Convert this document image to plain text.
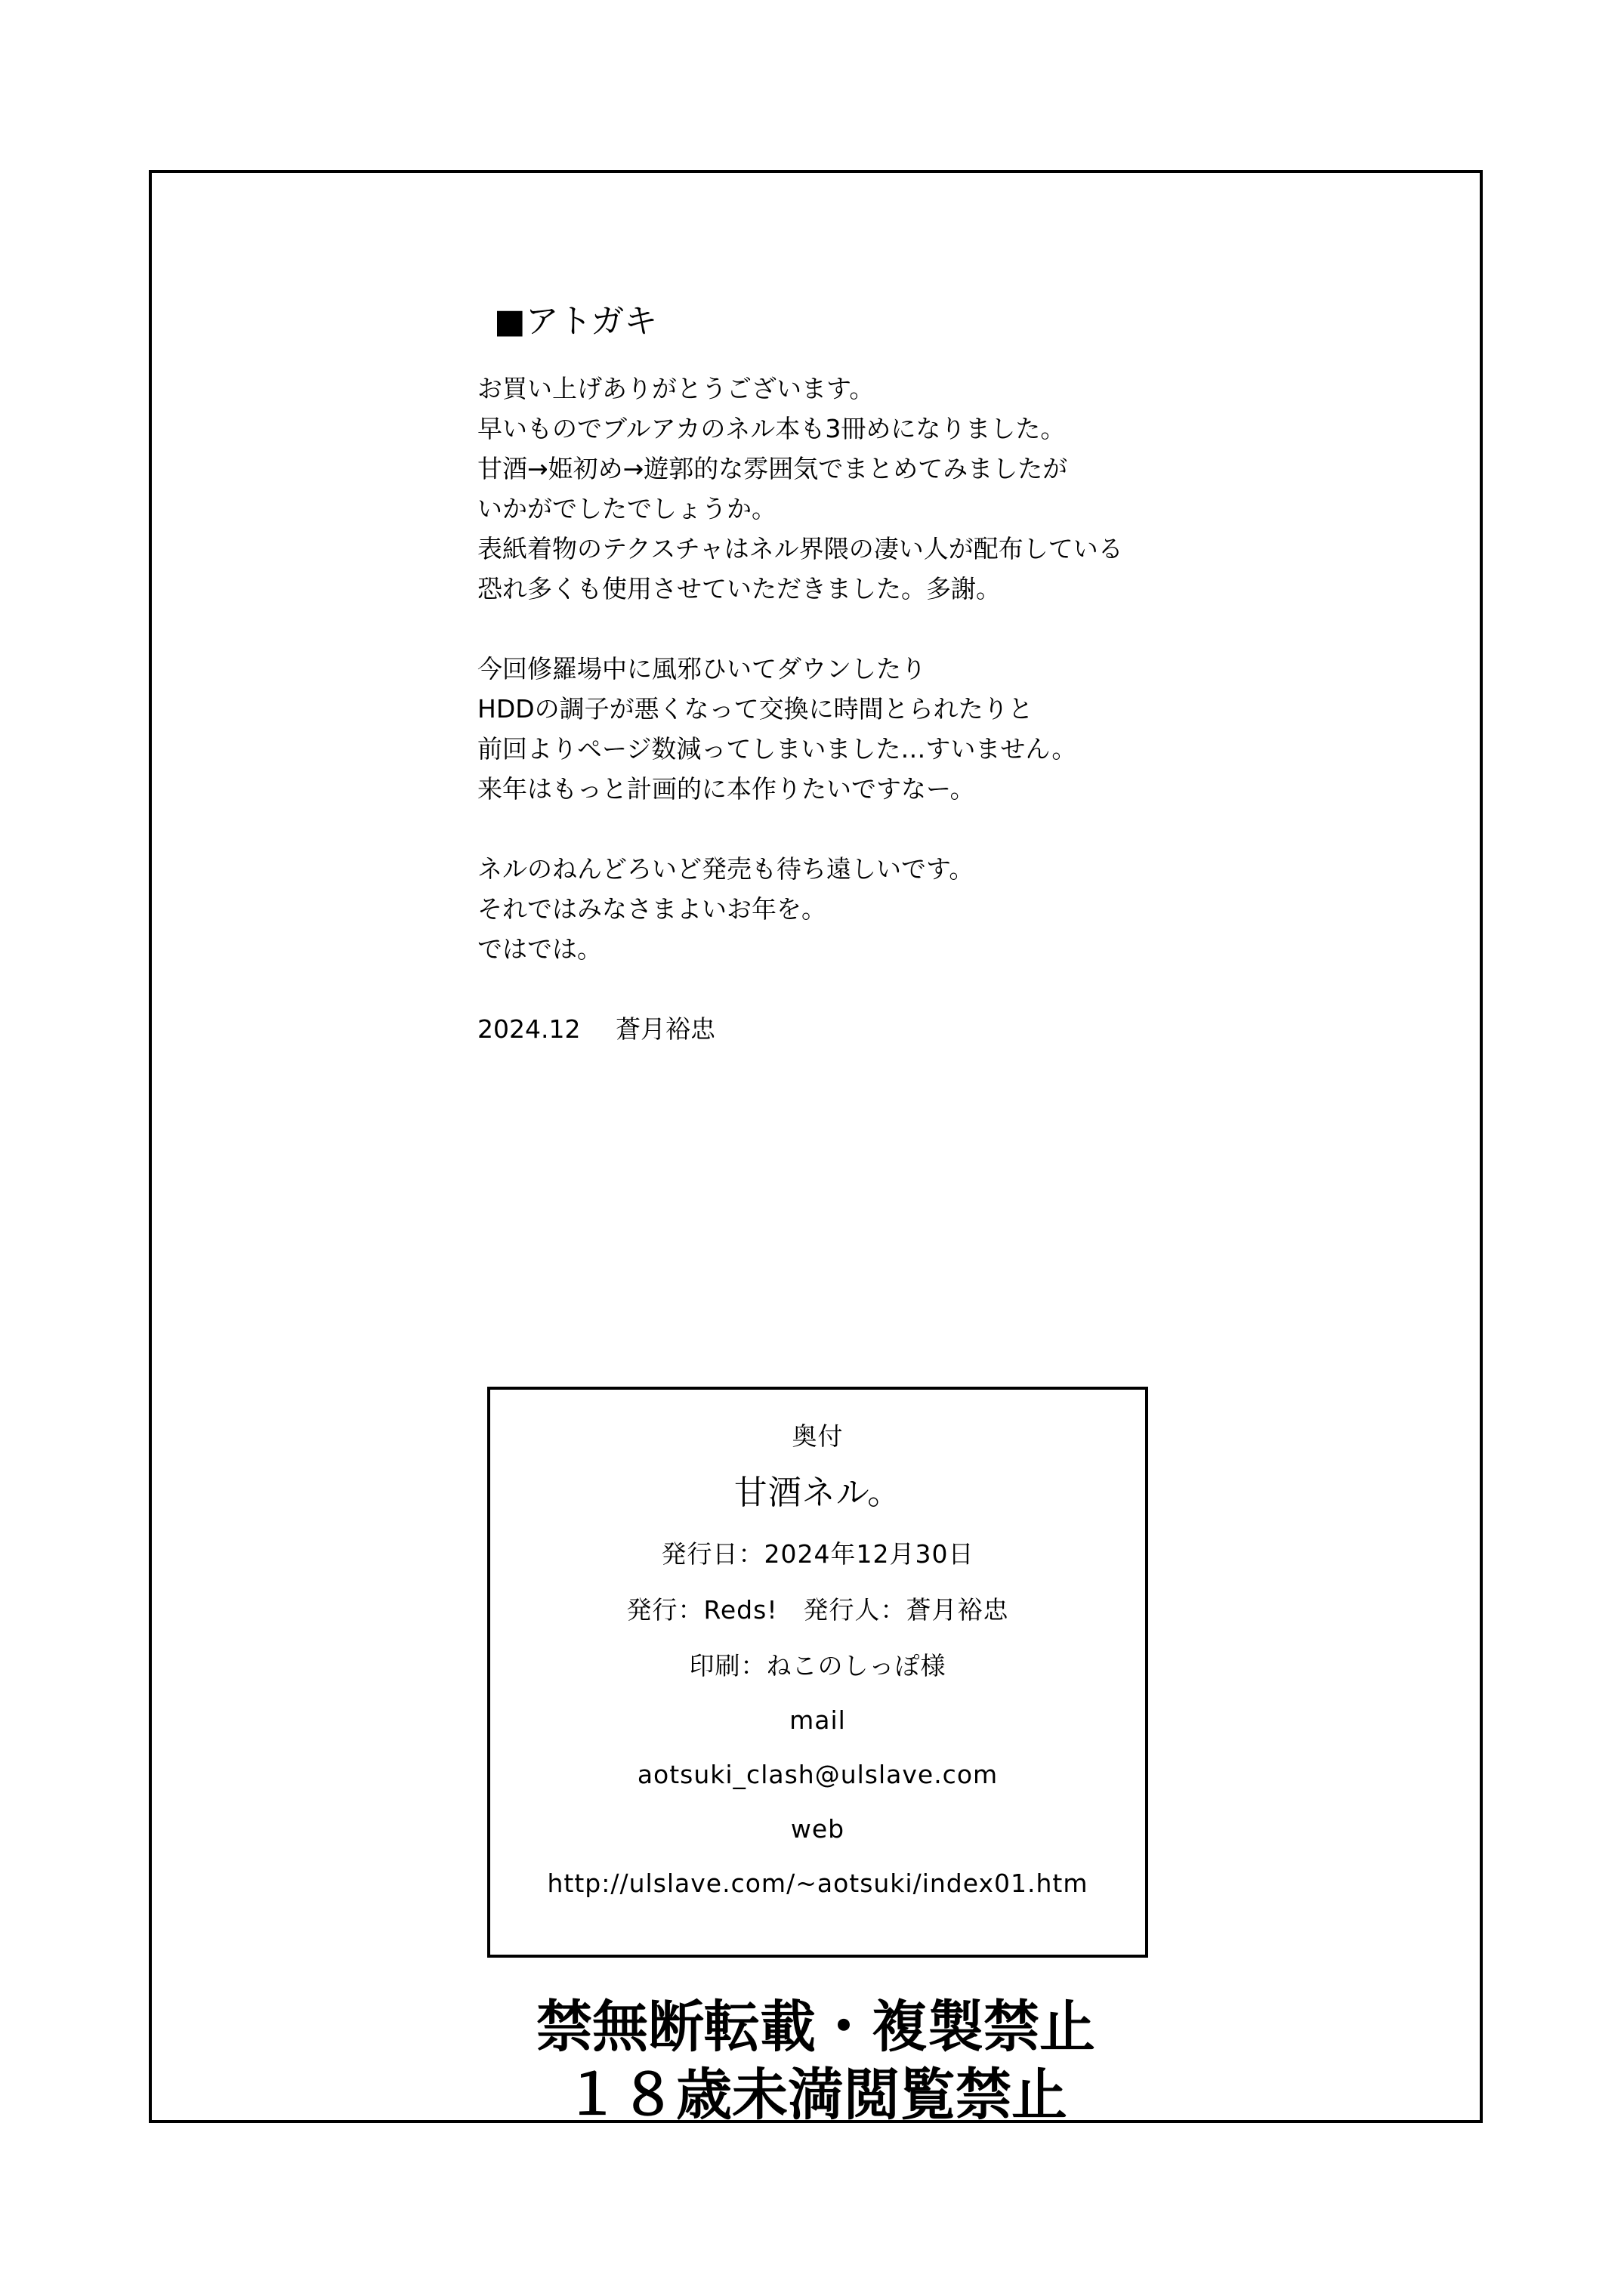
■アトガキ
お買い上げありがとうございます。
早いものでブルアカのネル本も3冊めになりました。
甘酒→姫初め→遊郭的な雰囲気でまとめてみましたが
いかがでしたでしょうか。
表紙着物のテクスチャはネル界隈の凄い人が配布している
恐れ多くも使用させていただきました。多謝。
今回修羅場中に風邪ひいてダウンしたり
HDDの調子が悪くなって交換に時間とられたりと
前回よりページ数減ってしまいました…すいません。
来年はもっと計画的に本作りたいですなー。
ネルのねんどろいど発売も待ち遠しいです。
それではみなさまよいお年を。
ではでは。
2024.12 蒼月裕忠
奥付
甘酒ネル。
発行日：2024年12月30日
発行：Reds!　発行人：蒼月裕忠
印刷：ねこのしっぽ様
mail
aotsuki_clash@ulslave.com
web
http://ulslave.com/~aotsuki/index01.htm
禁無断転載・複製禁止
１８歳未満閲覧禁止
